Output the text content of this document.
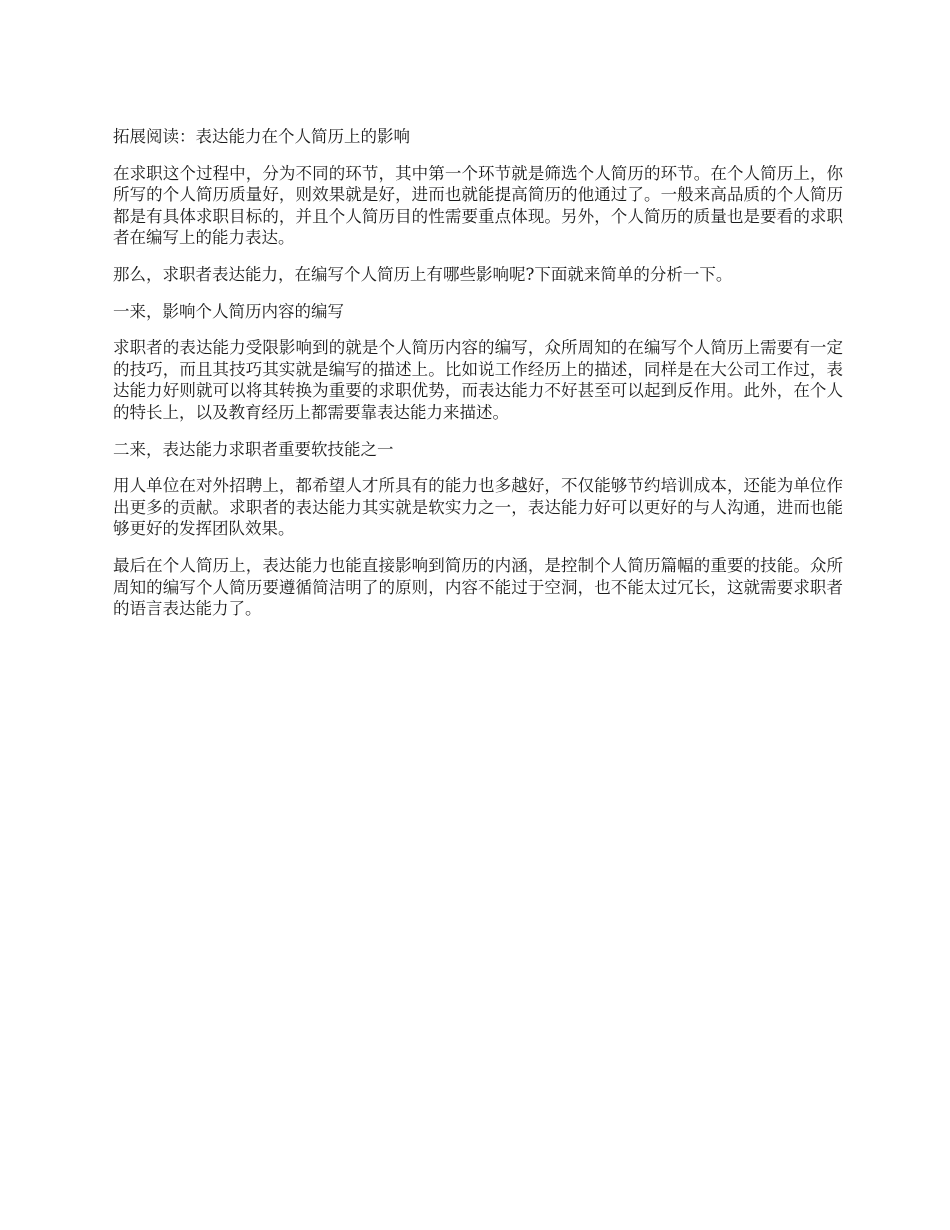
拓展阅读：表达能力在个人简历上的影响

在求职这个过程中，分为不同的环节，其中第一个环节就是筛选个人简历的环节。在个人简历上，你所写的个人简历质量好，则效果就是好，进而也就能提高简历的他通过了。一般来高品质的个人简历都是有具体求职目标的，并且个人简历目的性需要重点体现。另外，个人简历的质量也是要看的求职者在编写上的能力表达。

那么，求职者表达能力，在编写个人简历上有哪些影响呢?下面就来简单的分析一下。

一来，影响个人简历内容的编写

求职者的表达能力受限影响到的就是个人简历内容的编写，众所周知的在编写个人简历上需要有一定的技巧，而且其技巧其实就是编写的描述上。比如说工作经历上的描述，同样是在大公司工作过，表达能力好则就可以将其转换为重要的求职优势，而表达能力不好甚至可以起到反作用。此外，在个人的特长上，以及教育经历上都需要靠表达能力来描述。

二来，表达能力求职者重要软技能之一

用人单位在对外招聘上，都希望人才所具有的能力也多越好，不仅能够节约培训成本，还能为单位作出更多的贡献。求职者的表达能力其实就是软实力之一，表达能力好可以更好的与人沟通，进而也能够更好的发挥团队效果。

最后在个人简历上，表达能力也能直接影响到简历的内涵，是控制个人简历篇幅的重要的技能。众所周知的编写个人简历要遵循简洁明了的原则，内容不能过于空洞，也不能太过冗长，这就需要求职者的语言表达能力了。
